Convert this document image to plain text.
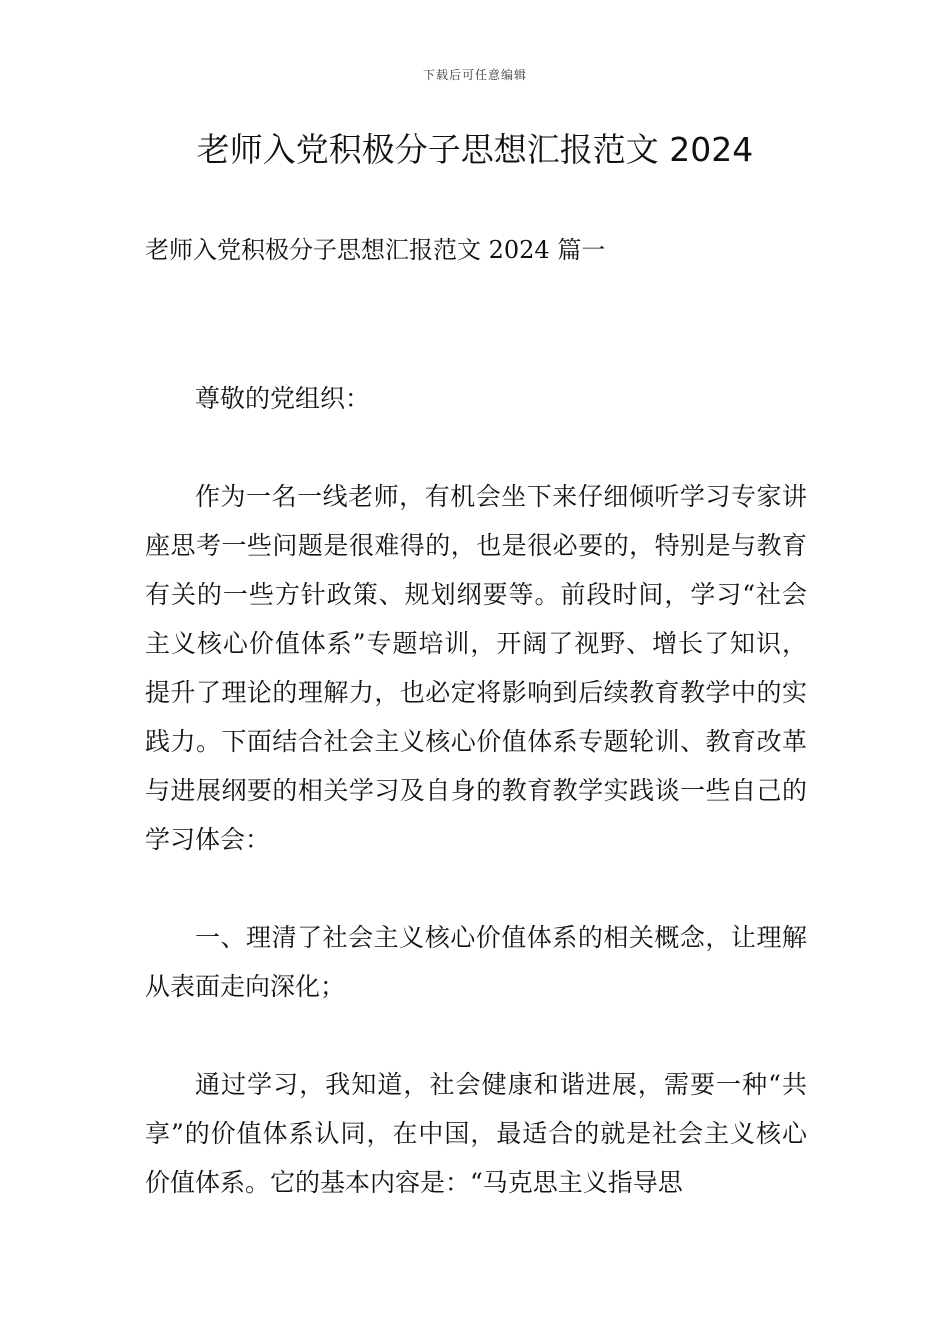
下载后可任意编辑
老师入党积极分子思想汇报范文 2024
老师入党积极分子思想汇报范文 2024 篇一

尊敬的党组织：

作为一名一线老师，有机会坐下来仔细倾听学习专家讲座思考一些问题是很难得的，也是很必要的，特别是与教育有关的一些方针政策、规划纲要等。前段时间，学习“社会主义核心价值体系”专题培训，开阔了视野、增长了知识，提升了理论的理解力，也必定将影响到后续教育教学中的实践力。下面结合社会主义核心价值体系专题轮训、教育改革与进展纲要的相关学习及自身的教育教学实践谈一些自己的学习体会：

一、理清了社会主义核心价值体系的相关概念，让理解从表面走向深化；

通过学习，我知道，社会健康和谐进展，需要一种“共享”的价值体系认同，在中国，最适合的就是社会主义核心价值体系。它的基本内容是：“马克思主义指导思
